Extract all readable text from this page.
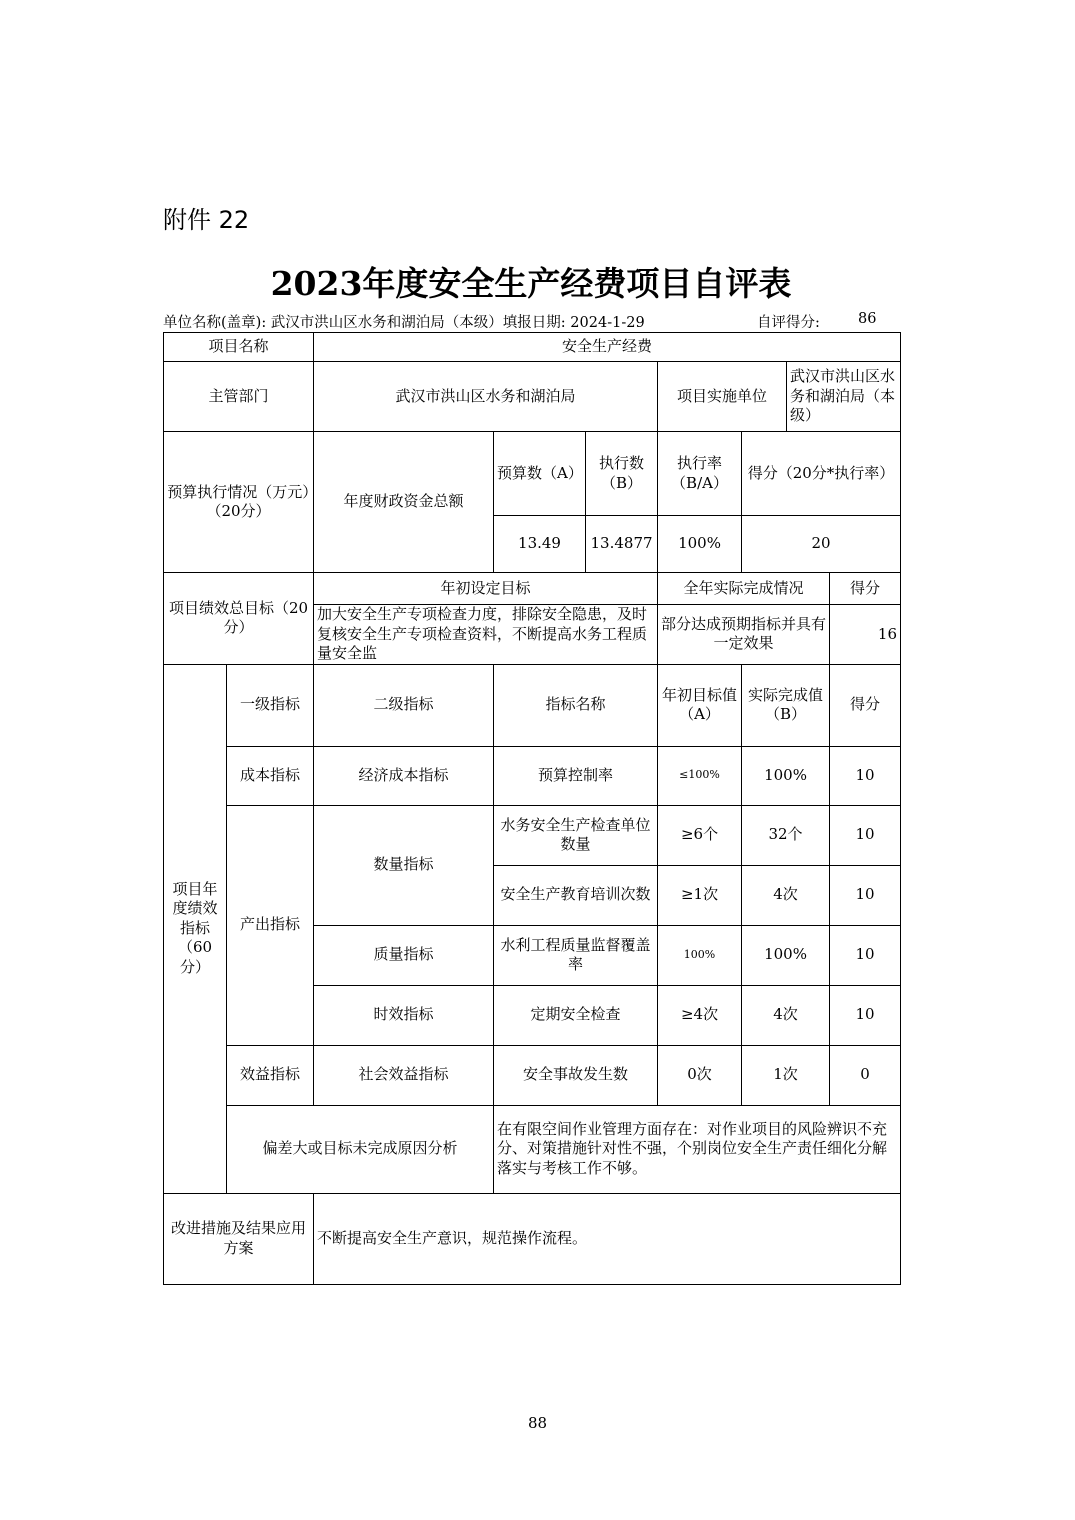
附件 22
2023年度安全生产经费项目自评表
单位名称(盖章): 武汉市洪山区水务和湖泊局（本级）填报日期: 2024-1-29	自评得分:	86
项目名称		安全生产经费						
主管部门		武汉市洪山区水务和湖泊局			项目实施单位		武汉市洪山区水务和湖泊局（本级）	
预算执行情况（万元）（20分）		年度财政资金总额	预算数（A）	执行数（B）	执行率（B/A）	得分（20分*执行率）		
			13.49	13.4877	100%	20		
项目绩效总目标（20分）		年初设定目标			全年实际完成情况			得分
		加大安全生产专项检查力度，排除安全隐患，及时复核安全生产专项检查资料，不断提高水务工程质量安全监			部分达成预期指标并具有一定效果			16
项目年度绩效指标（60分）	一级指标	二级指标	指标名称		年初目标值（A）	实际完成值（B）		得分
	成本指标	经济成本指标	预算控制率		≤100%	100%		10
	产出指标	数量指标	水务安全生产检查单位数量		≥6个	32个		10
			安全生产教育培训次数		≥1次	4次		10
		质量指标	水利工程质量监督覆盖率		100%	100%		10
		时效指标	定期安全检查		≥4次	4次		10
	效益指标	社会效益指标	安全事故发生数		0次	1次		0
	偏差大或目标未完成原因分析		在有限空间作业管理方面存在：对作业项目的风险辨识不充分、对策措施针对性不强，个别岗位安全生产责任细化分解落实与考核工作不够。					
改进措施及结果应用方案		不断提高安全生产意识，规范操作流程。						
88
